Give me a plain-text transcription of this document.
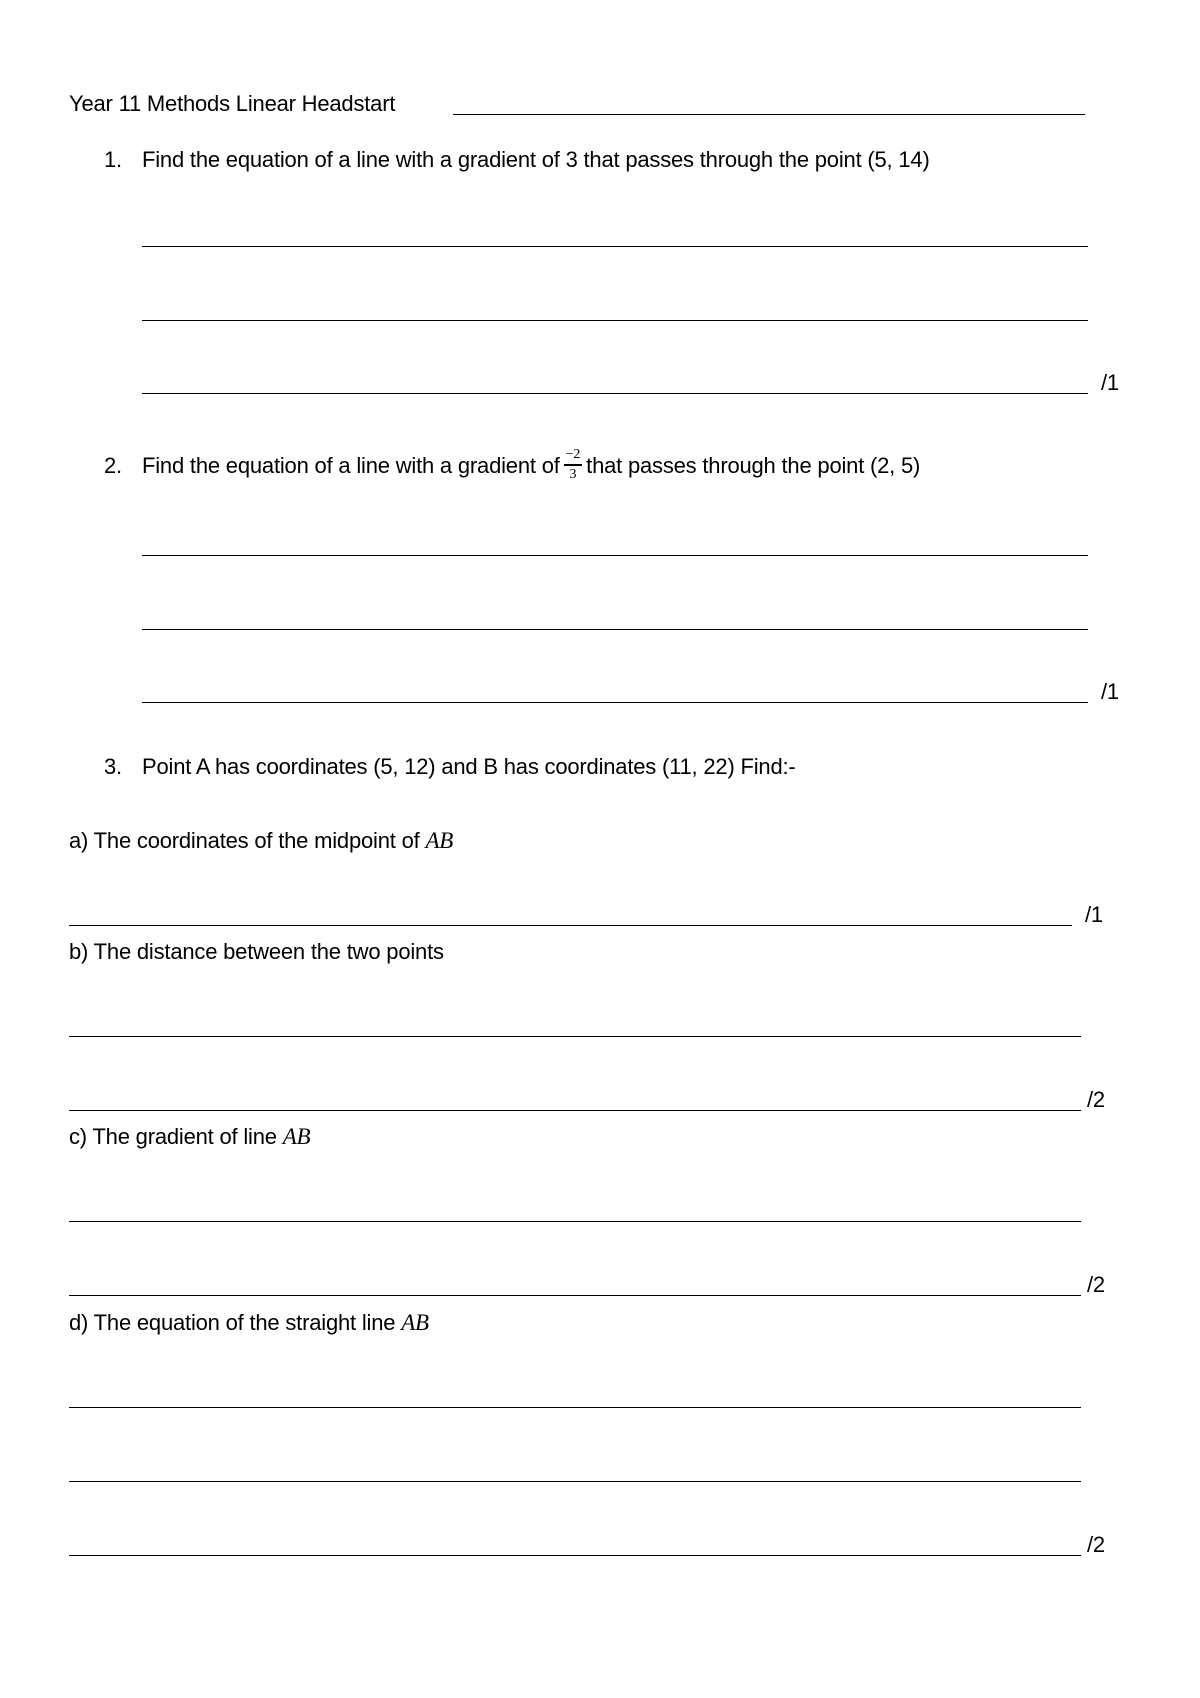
Year 11 Methods Linear Headstart
1. Find the equation of a line with a gradient of 3 that passes through the point (5, 14)
/1
2. Find the equation of a line with a gradient of $\frac{-2}{3}$ that passes through the point (2, 5)
/1
3. Point A has coordinates (5, 12) and B has coordinates (11, 22) Find:-
a) The coordinates of the midpoint of AB
/1
b) The distance between the two points
/2
c) The gradient of line AB
/2
d) The equation of the straight line AB
/2
